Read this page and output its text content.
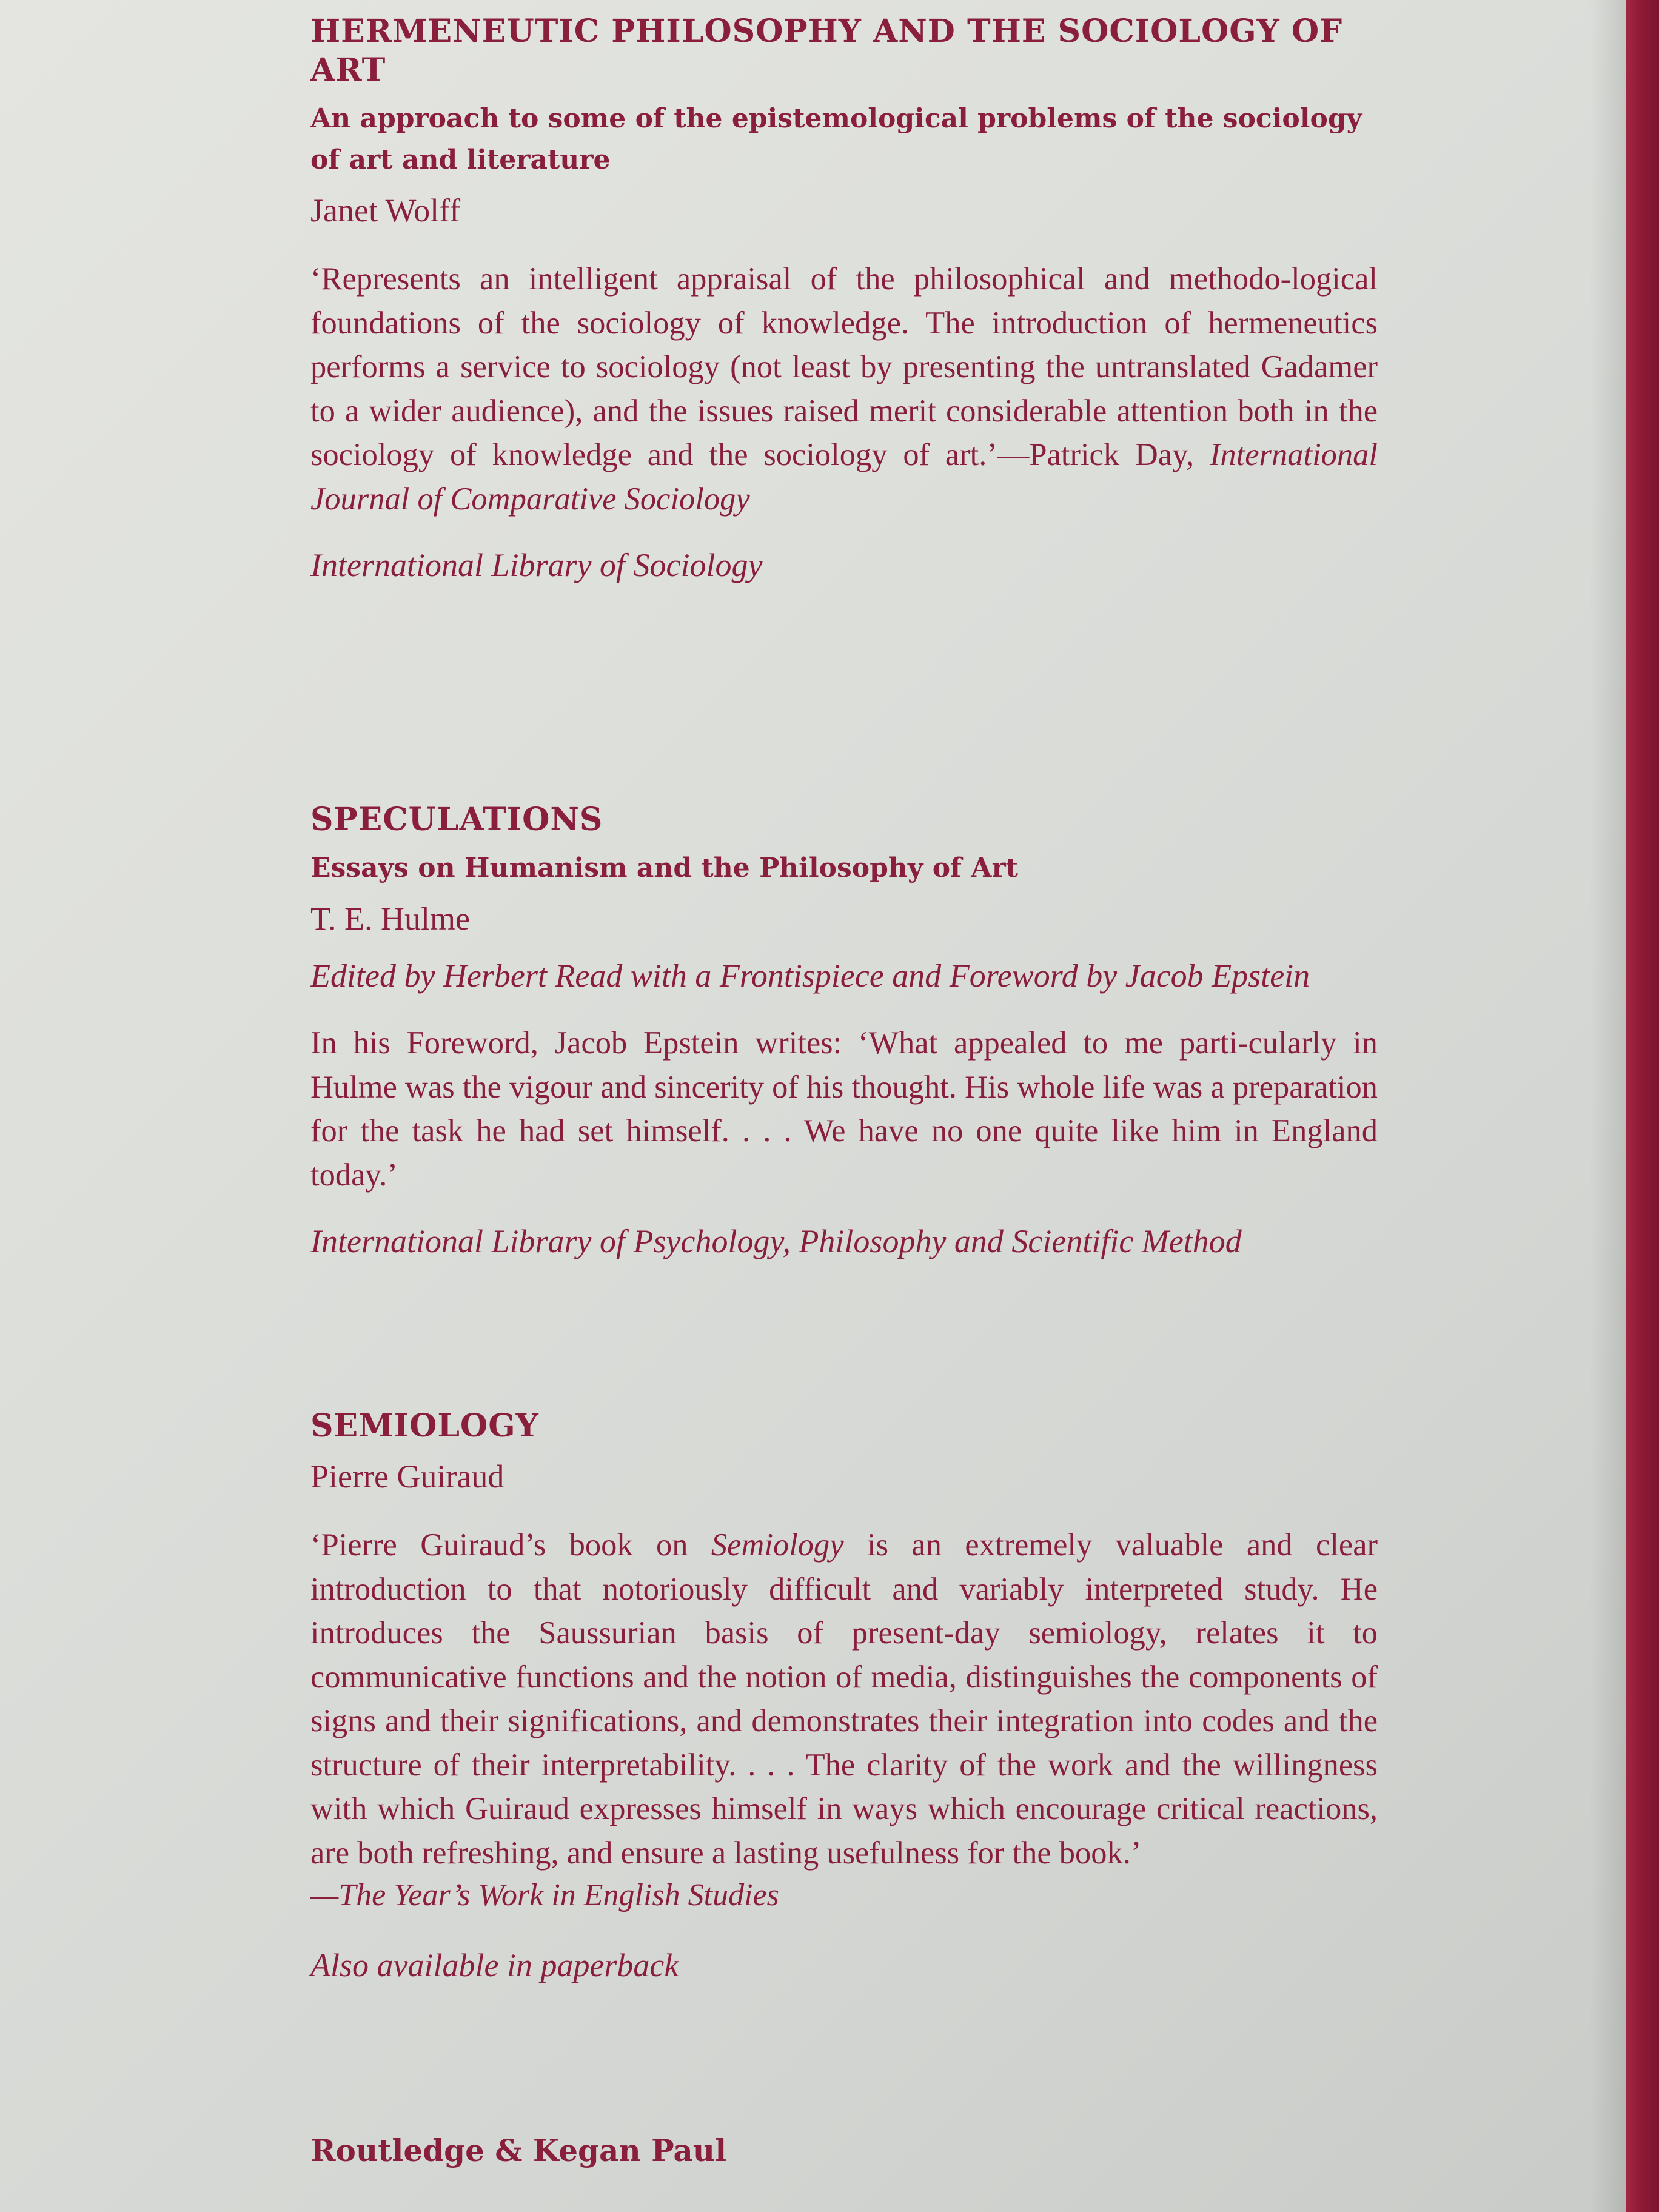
HERMENEUTIC PHILOSOPHY AND THE SOCIOLOGY OF ART

An approach to some of the epistemological problems of the sociology of art and literature

Janet Wolff

‘Represents an intelligent appraisal of the philosophical and methodo-logical foundations of the sociology of knowledge. The introduction of hermeneutics performs a service to sociology (not least by presenting the untranslated Gadamer to a wider audience), and the issues raised merit considerable attention both in the sociology of knowledge and the sociology of art.’—Patrick Day, International Journal of Comparative Sociology

International Library of Sociology

SPECULATIONS

Essays on Humanism and the Philosophy of Art

T. E. Hulme

Edited by Herbert Read with a Frontispiece and Foreword by Jacob Epstein

In his Foreword, Jacob Epstein writes: ‘What appealed to me parti-cularly in Hulme was the vigour and sincerity of his thought. His whole life was a preparation for the task he had set himself. . . . We have no one quite like him in England today.’

International Library of Psychology, Philosophy and Scientific Method

SEMIOLOGY

Pierre Guiraud

‘Pierre Guiraud’s book on Semiology is an extremely valuable and clear introduction to that notoriously difficult and variably interpreted study. He introduces the Saussurian basis of present-day semiology, relates it to communicative functions and the notion of media, distinguishes the components of signs and their significations, and demonstrates their integration into codes and the structure of their interpretability. . . . The clarity of the work and the willingness with which Guiraud expresses himself in ways which encourage critical reactions, are both refreshing, and ensure a lasting usefulness for the book.’

—The Year’s Work in English Studies

Also available in paperback

Routledge & Kegan Paul
